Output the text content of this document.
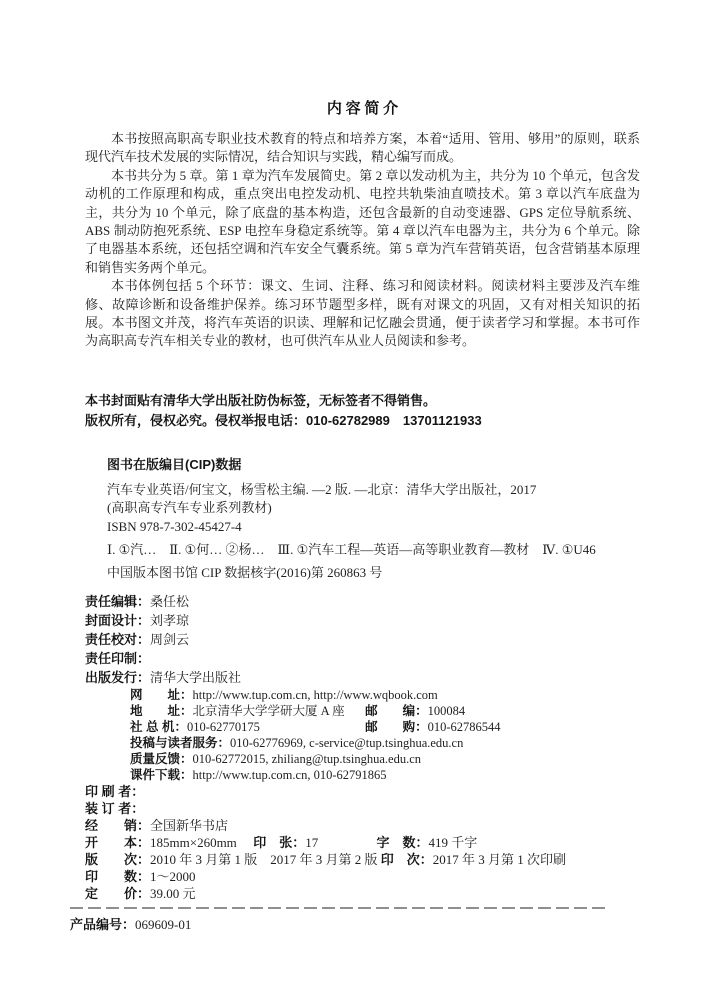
内 容 简 介

本书按照高职高专职业技术教育的特点和培养方案，本着“适用、管用、够用”的原则，联系现代汽车技术发展的实际情况，结合知识与实践，精心编写而成。

本书共分为 5 章。第 1 章为汽车发展简史。第 2 章以发动机为主，共分为 10 个单元，包含发动机的工作原理和构成，重点突出电控发动机、电控共轨柴油直喷技术。第 3 章以汽车底盘为主，共分为 10 个单元，除了底盘的基本构造，还包含最新的自动变速器、GPS 定位导航系统、ABS 制动防抱死系统、ESP 电控车身稳定系统等。第 4 章以汽车电器为主，共分为 6 个单元。除了电器基本系统，还包括空调和汽车安全气囊系统。第 5 章为汽车营销英语，包含营销基本原理和销售实务两个单元。

本书体例包括 5 个环节：课文、生词、注释、练习和阅读材料。阅读材料主要涉及汽车维修、故障诊断和设备维护保养。练习环节题型多样，既有对课文的巩固，又有对相关知识的拓展。本书图文并茂，将汽车英语的识读、理解和记忆融会贯通，便于读者学习和掌握。本书可作为高职高专汽车相关专业的教材，也可供汽车从业人员阅读和参考。

本书封面贴有清华大学出版社防伪标签，无标签者不得销售。
版权所有，侵权必究。侵权举报电话：010-62782989　13701121933
图书在版编目(CIP)数据
汽车专业英语/何宝文，杨雪松主编. —2 版. —北京：清华大学出版社，2017
(高职高专汽车专业系列教材)
ISBN 978-7-302-45427-4
Ⅰ. ①汽…　Ⅱ. ①何… ②杨…　Ⅲ. ①汽车工程—英语—高等职业教育—教材　Ⅳ. ①U46
中国版本图书馆 CIP 数据核字(2016)第 260863 号
责任编辑：桑任松
封面设计：刘孝琼
责任校对：周剑云
责任印制：
出版发行：清华大学出版社
网　　址：http://www.tup.com.cn, http://www.wqbook.com
地　　址：北京清华大学学研大厦 A 座 邮　　编：100084
社 总 机：010-62770175	邮　　购：010-62786544
投稿与读者服务：010-62776969, c-service@tup.tsinghua.edu.cn
质量反馈：010-62772015, zhiliang@tup.tsinghua.edu.cn
课件下载：http://www.tup.com.cn, 010-62791865
印 刷 者：
装 订 者：
经　　销：全国新华书店
开　　本：185mm×260mm 印　张：17	字　数：419 千字
版　　次：2010 年 3 月第 1 版　2017 年 3 月第 2 版 印　次：2017 年 3 月第 1 次印刷
印　　数：1～2000
定　　价：39.00 元
产品编号：069609-01
